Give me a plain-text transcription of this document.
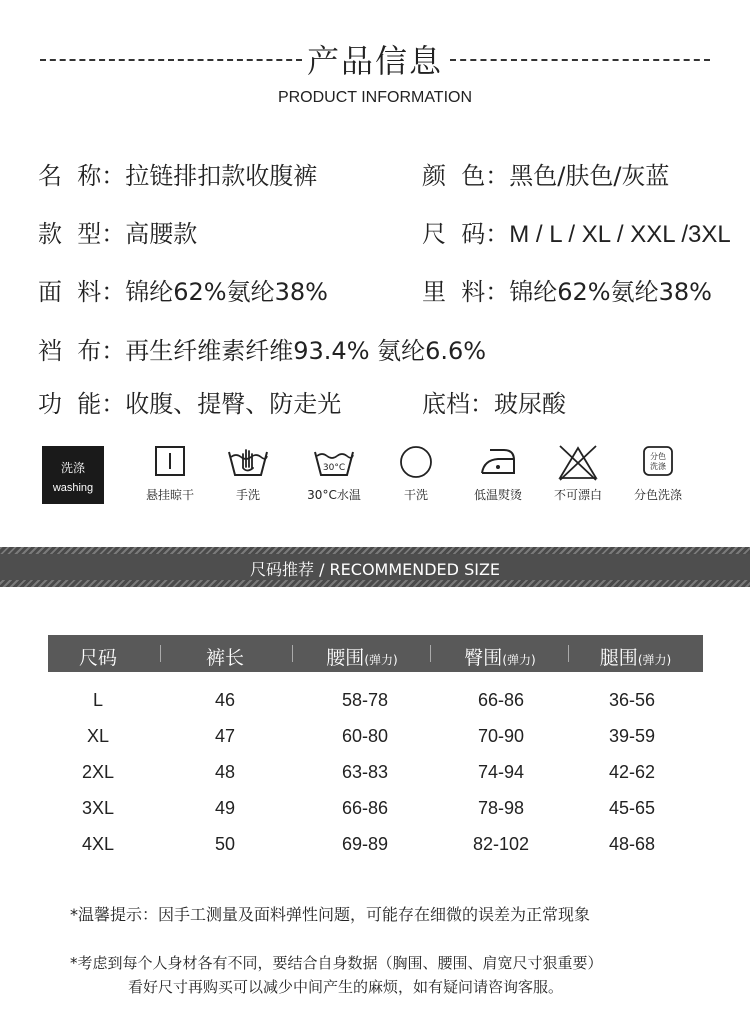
产品信息
PRODUCT INFORMATION
名  称：拉链排扣款收腹裤	颜  色：黑色/肤色/灰蓝
款  型：高腰款	尺  码：M / L / XL / XXL /3XL
面  料：锦纶62%氨纶38%	里  料：锦纶62%氨纶38%
裆  布：再生纤维素纤维93.4% 氨纶6.6%
功  能：收腹、提臀、防走光	底档：玻尿酸
洗涤
washing	悬挂晾干	手洗
30°C
30°C水温	干洗	低温熨烫	不可漂白
分色
洗涤
分色洗涤
尺码推荐 / RECOMMENDED SIZE
尺码	裤长	腰围(弹力)	臀围(弹力)	腿围(弹力)
L	46	58-78	66-86	36-56
XL	47	60-80	70-90	39-59
2XL	48	63-83	74-94	42-62
3XL	49	66-86	78-98	45-65
4XL	50	69-89	82-102	48-68
*温馨提示：因手工测量及面料弹性问题，可能存在细微的误差为正常现象
*考虑到每个人身材各有不同，要结合自身数据（胸围、腰围、肩宽尺寸狠重要）
看好尺寸再购买可以减少中间产生的麻烦，如有疑问请咨询客服。
